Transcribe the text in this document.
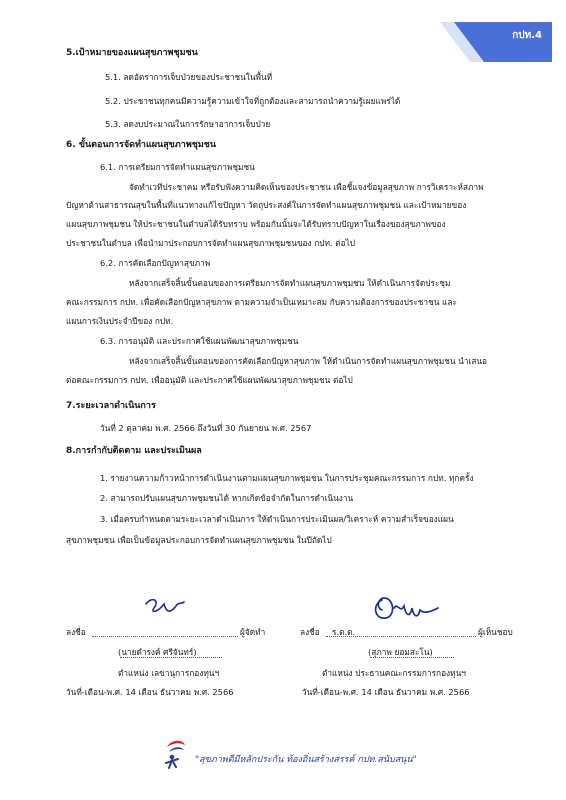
กปท.4
5.เป้าหมายของแผนสุขภาพชุมชน
5.1. ลดอัตราการเจ็บป่วยของประชาชนในพื้นที่
5.2. ประชาชนทุกคนมีความรู้ความเข้าใจที่ถูกต้องและสามารถนำความรู้เผยแพร่ได้
5.3. ลดงบประมาณในการรักษาอาการเจ็บป่วย
6. ขั้นตอนการจัดทำแผนสุขภาพชุมชน
6.1. การเตรียมการจัดทำแผนสุขภาพชุมชน
จัดทำเวทีประชาคม หรือรับฟังความคิดเห็นของประชาชน เพื่อชี้แจงข้อมูลสุขภาพ การวิเคราะห์สภาพ
ปัญหาด้านสาธารณสุขในพื้นที่แนวทางแก้ไขปัญหา วัตถุประสงค์ในการจัดทำแผนสุขภาพชุมชน และเป้าหมายของ
แผนสุขภาพชุมชน ให้ประชาชนในตำบลได้รับทราบ พร้อมกันนั้นจะได้รับทราบปัญหาในเรื่องของสุขภาพของ
ประชาชนในตำบล เพื่อนำมาประกอบการจัดทำแผนสุขภาพชุมชนของ กปท. ต่อไป
6.2. การคัดเลือกปัญหาสุขภาพ
หลังจากเสร็จสิ้นขั้นตอนของการเตรียมการจัดทำแผนสุขภาพชุมชน ให้ดำเนินการจัดประชุม
คณะกรรมการ กปท. เพื่อคัดเลือกปัญหาสุขภาพ ตามความจำเป็นเหมาะสม กับความต้องการของประชาชน และ
แผนการเงินประจำปีของ กปท.
6.3. การอนุมัติ และประกาศใช้แผนพัฒนาสุขภาพชุมชน
หลังจากเสร็จสิ้นขั้นตอนของการคัดเลือกปัญหาสุขภาพ ให้ดำเนินการจัดทำแผนสุขภาพชุมชน นำเสนอ
ต่อคณะกรรมการ กปท. เพื่ออนุมัติ และประกาศใช้แผนพัฒนาสุขภาพชุมชน ต่อไป
7.ระยะเวลาดำเนินการ
วันที่ 2 ตุลาคม พ.ศ. 2566 ถึงวันที่ 30 กันยายน พ.ศ. 2567
8.การกำกับติดตาม และประเมินผล
1. รายงานความก้าวหน้าการดำเนินงานตามแผนสุขภาพชุมชน ในการประชุมคณะกรรมการ กปท. ทุกครั้ง
2. สามารถปรับแผนสุขภาพชุมชนได้ หากเกิดข้อจำกัดในการดำเนินงาน
3. เมื่อครบกำหนดตามระยะเวลาดำเนินการ ให้ดำเนินการประเมินผล/วิเคราะห์ ความสำเร็จของแผน
สุขภาพชุมชน เพื่อเป็นข้อมูลประกอบการจัดทำแผนสุขภาพชุมชน ในปีถัดไป
ลงชื่อ	ผู้จัดทำ
(นายดำรงค์ ศรีจันทร์)
ตำแหน่ง เลขานุการกองทุนฯ
วันที่-เดือน-พ.ศ. 14 เดือน ธันวาคม พ.ศ. 2566
ลงชื่อ ร.ต.ต.	ผู้เห็นชอบ
(สุภาพ ยอมสะโน)
ตำแหน่ง ประธานคณะกรรมการกองทุนฯ
วันที่-เดือน-พ.ศ. 14 เดือน ธันวาคม พ.ศ. 2566
"สุขภาพดีมีหลักประกัน ท้องถิ่นสร้างสรรค์ กปท.สนับสนุน"
